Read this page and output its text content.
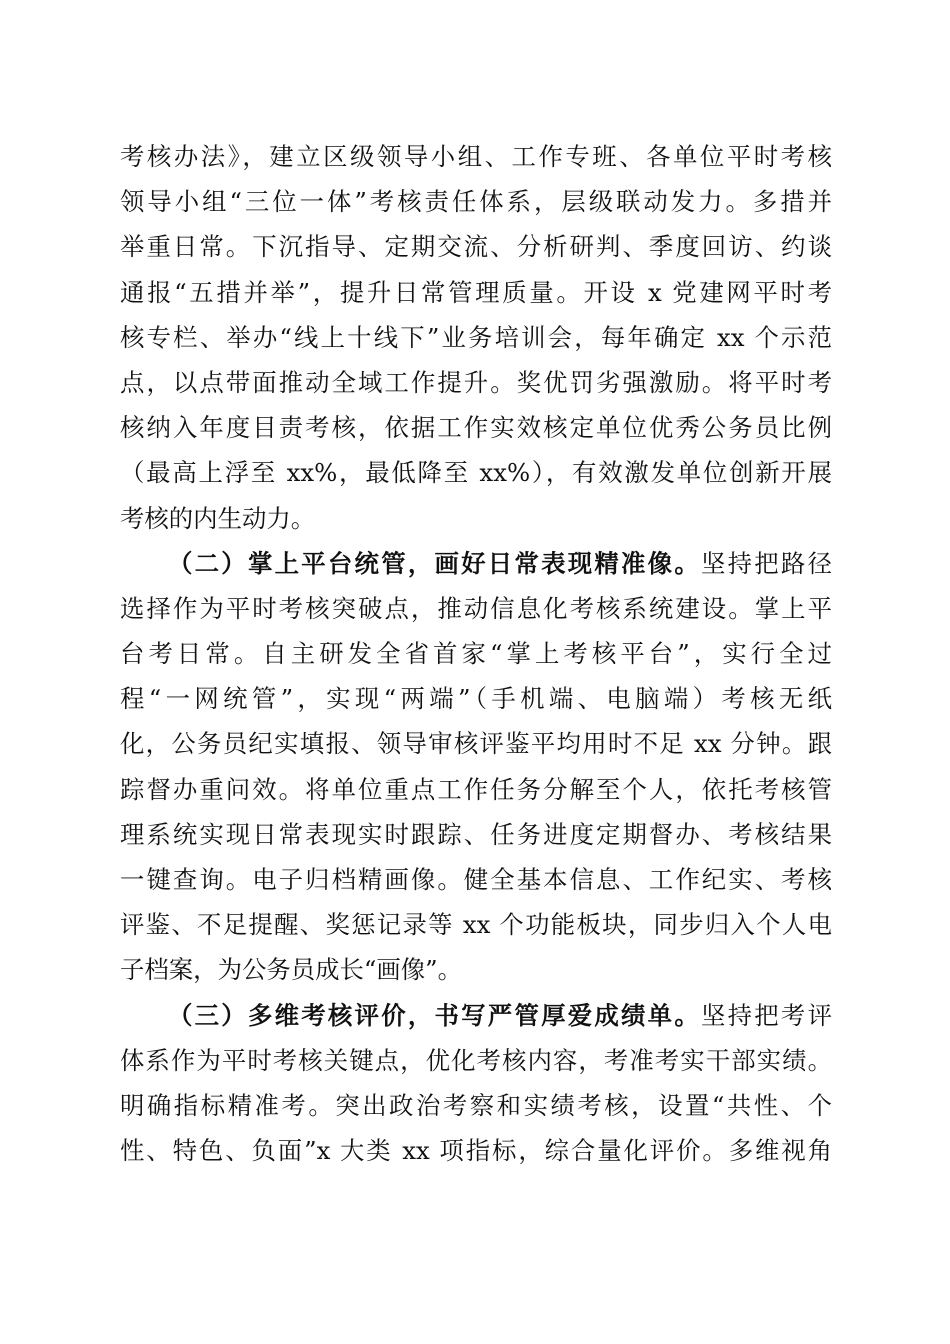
考核办法》，建立区级领导小组、工作专班、各单位平时考核
领导小组“三位一体”考核责任体系，层级联动发力。多措并
举重日常。下沉指导、定期交流、分析研判、季度回访、约谈
通报“五措并举”，提升日常管理质量。开设 x 党建网平时考
核专栏、举办“线上十线下”业务培训会，每年确定 xx 个示范
点，以点带面推动全域工作提升。奖优罚劣强激励。将平时考
核纳入年度目责考核，依据工作实效核定单位优秀公务员比例
（最高上浮至 xx%，最低降至 xx%），有效激发单位创新开展
考核的内生动力。
（二）掌上平台统管，画好日常表现精准像。坚持把路径
选择作为平时考核突破点，推动信息化考核系统建设。掌上平
台考日常。自主研发全省首家“掌上考核平台”，实行全过
程“一网统管”，实现“两端”（手机端、电脑端）考核无纸
化，公务员纪实填报、领导审核评鉴平均用时不足 xx 分钟。跟
踪督办重问效。将单位重点工作任务分解至个人，依托考核管
理系统实现日常表现实时跟踪、任务进度定期督办、考核结果
一键查询。电子归档精画像。健全基本信息、工作纪实、考核
评鉴、不足提醒、奖惩记录等 xx 个功能板块，同步归入个人电
子档案，为公务员成长“画像”。
（三）多维考核评价，书写严管厚爱成绩单。坚持把考评
体系作为平时考核关键点，优化考核内容，考准考实干部实绩。
明确指标精准考。突出政治考察和实绩考核，设置“共性、个
性、特色、负面”x 大类 xx 项指标，综合量化评价。多维视角
